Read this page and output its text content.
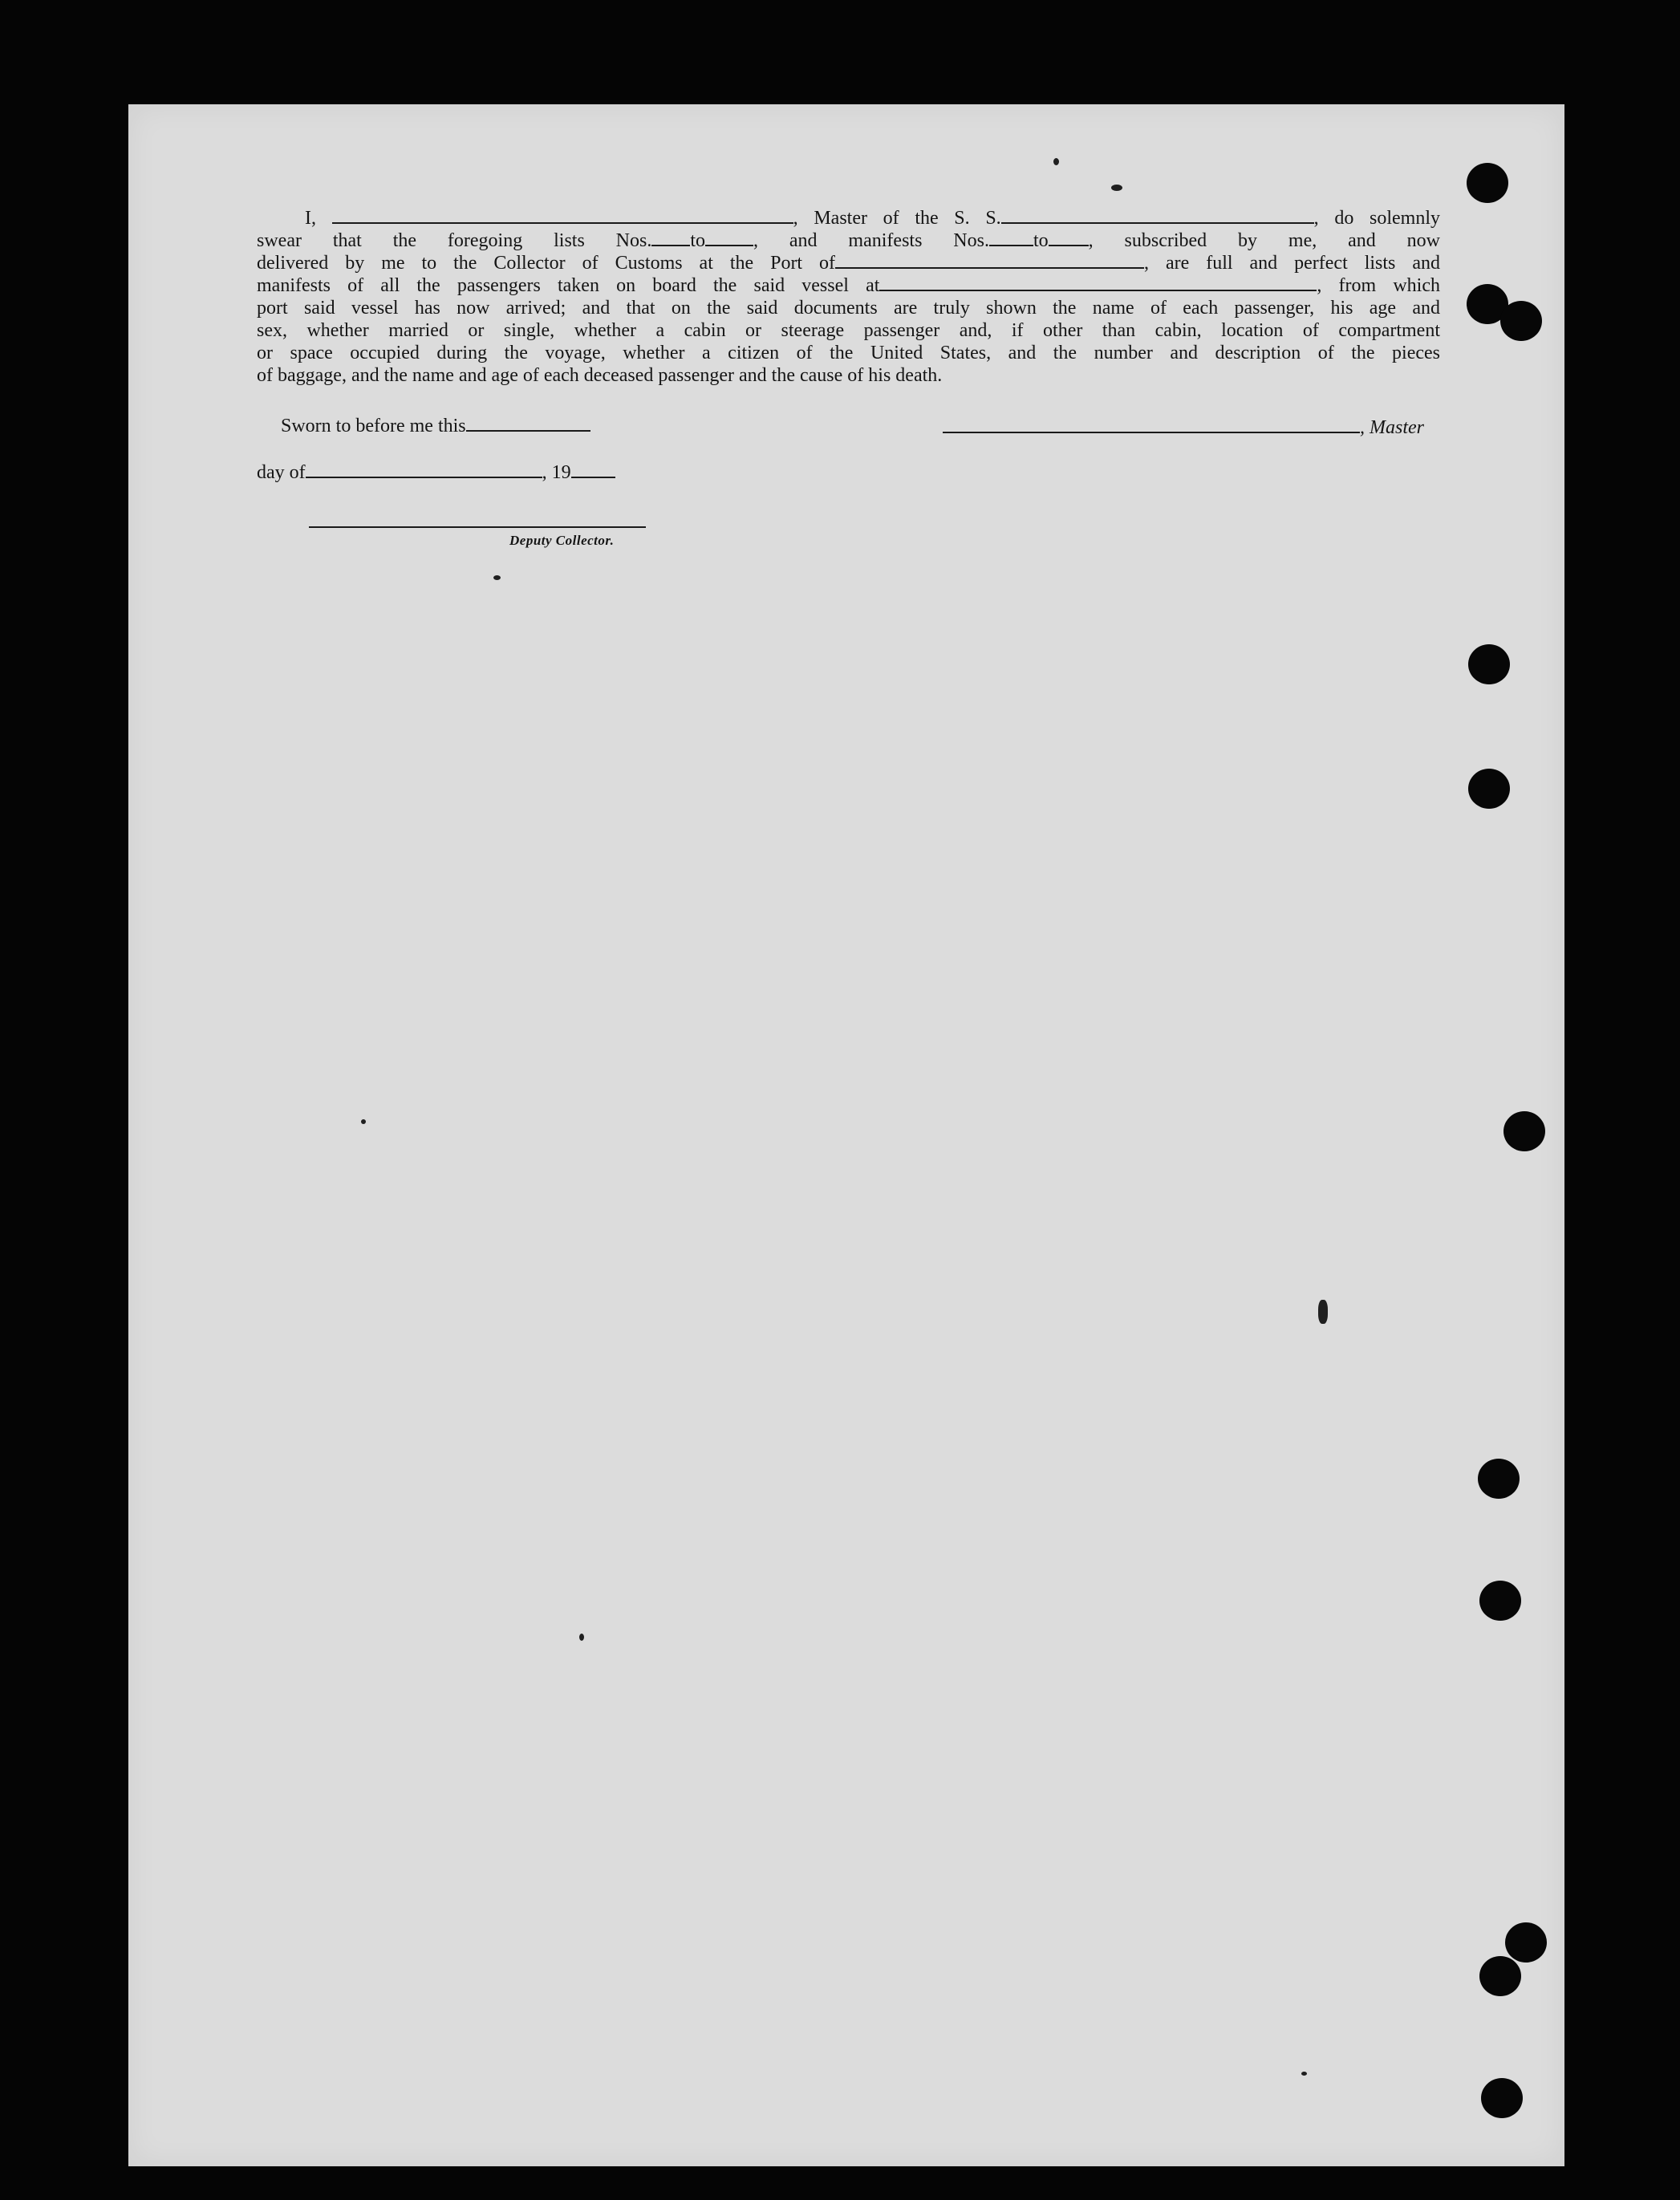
I,	, Master of the S. S.	, do solemnly
swear that the foregoing lists Nos. to	, and manifests Nos. to , subscribed by me, and now
delivered by me to the Collector of Customs at the Port of	, are full and perfect lists and
manifests of all the passengers taken on board the said vessel at	, from which
port said vessel has now arrived; and that on the said documents are truly shown the name of each passenger, his age and
sex, whether married or single, whether a cabin or steerage passenger and, if other than cabin, location of compartment
or space occupied during the voyage, whether a citizen of the United States, and the number and description of the pieces
of baggage, and the name and age of each deceased passenger and the cause of his death.
Sworn to before me this	, Master
day of	, 19
Deputy Collector.
